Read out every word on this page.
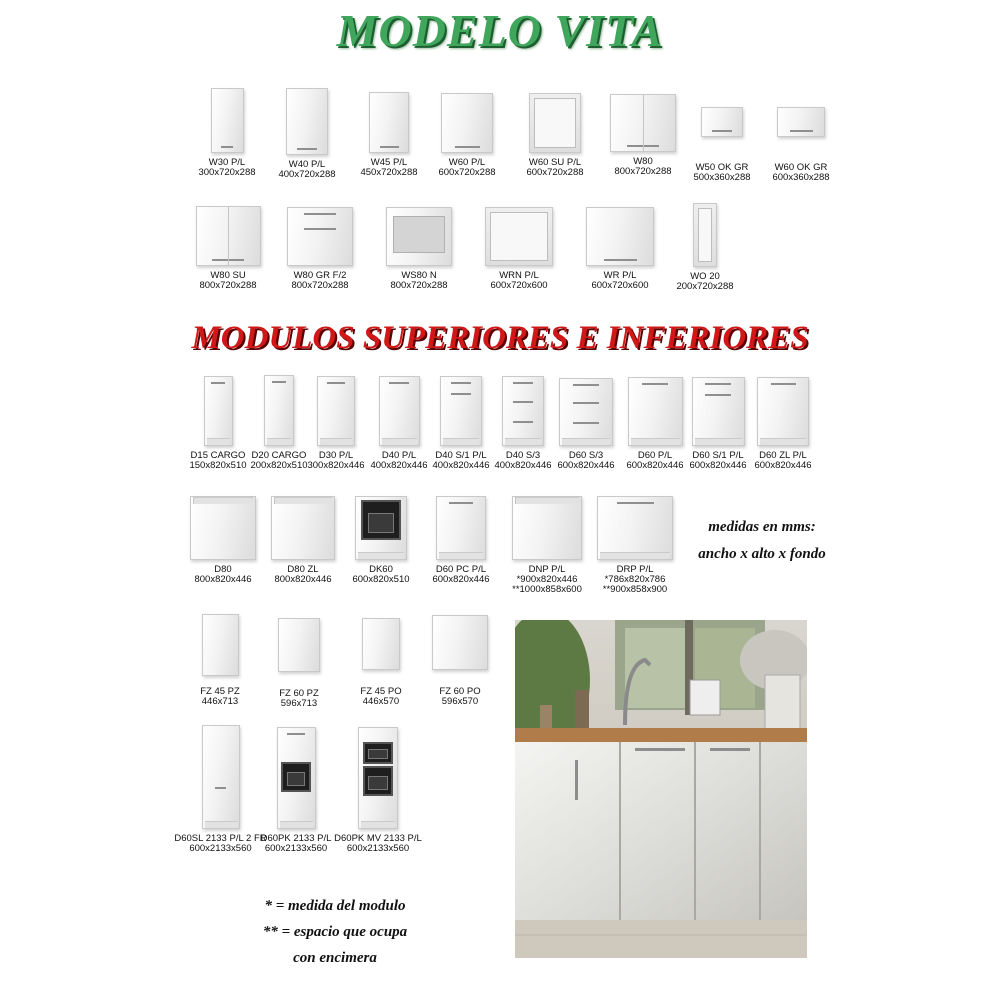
MODELO VITA
MODULOS SUPERIORES E INFERIORES
W30 P/L
300x720x288
W40 P/L
400x720x288
W45 P/L
450x720x288
W60 P/L
600x720x288
W60 SU P/L
600x720x288
W80
800x720x288	W50 OK GR
500x360x288
W60 OK GR
600x360x288
W80 SU
800x720x288
W80 GR F/2
800x720x288
WS80 N
800x720x288
WRN P/L
600x720x600
WR P/L
600x720x600
WO 20
200x720x288
D15 CARGO
150x820x510
D20 CARGO
200x820x510
D30 P/L
300x820x446
D40 P/L
400x820x446
D40 S/1 P/L
400x820x446
D40 S/3
400x820x446
D60 S/3
600x820x446
D60 P/L
600x820x446
D60 S/1 P/L
600x820x446
D60 ZL P/L
600x820x446
D80
800x820x446
D80 ZL
800x820x446
DK60
600x820x510
D60 PC P/L
600x820x446
DNP P/L
*900x820x446
**1000x858x600
DRP P/L
*786x820x786
**900x858x900
medidas en mms:
ancho x alto x fondo
FZ 45 PZ
446x713
FZ 60 PZ
596x713
FZ 45 PO
446x570
FZ 60 PO
596x570
D60SL 2133 P/L 2 FR
600x2133x560
D60PK 2133 P/L
600x2133x560
D60PK MV 2133 P/L
600x2133x560
* = medida del modulo
** = espacio que ocupa
con encimera
